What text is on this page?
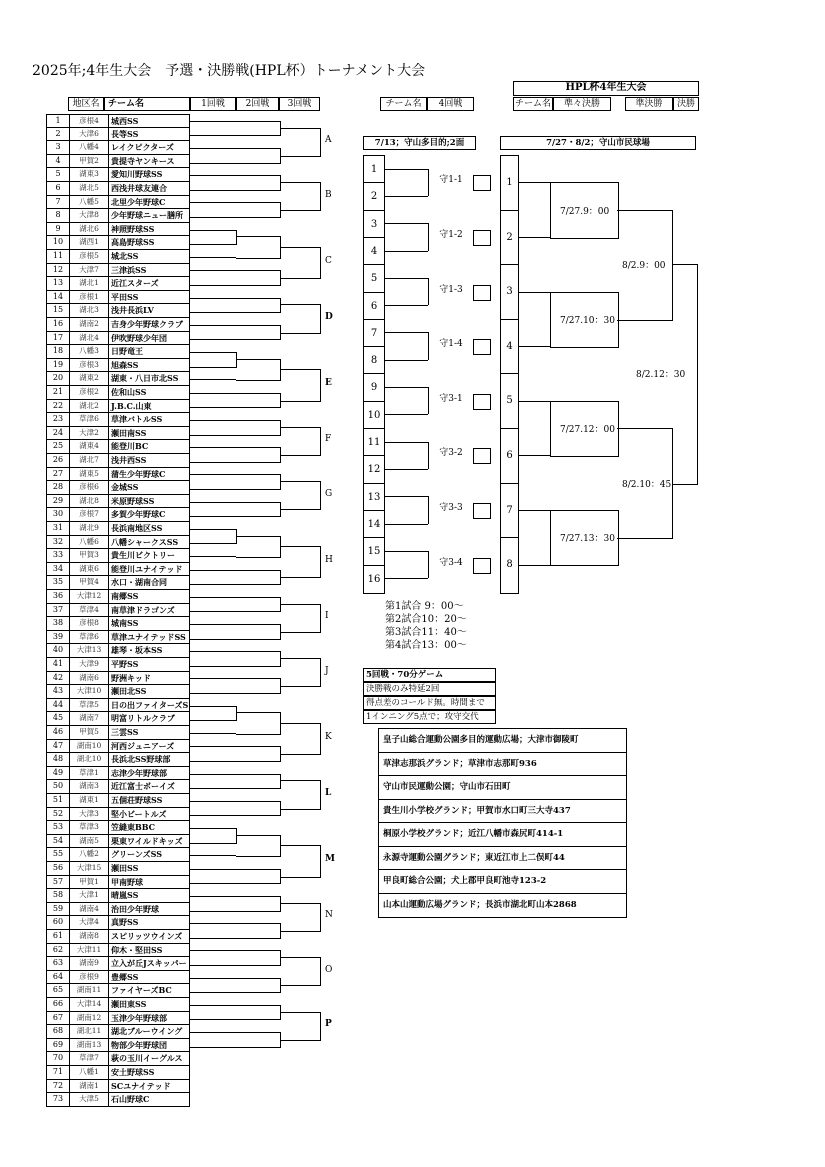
2025年;4年生大会　予選・決勝戦(HPL杯）トーナメント大会
地区名 チーム名	1回戦	2回戦	3回戦	チーム名	4回戦
HPL杯4年生大会
チーム名	準々決勝	準決勝	決勝
1	彦根4	城西SS
2	大津6	長等SS
3	八幡4	レイクピクターズ
4	甲賀2	貴提寺ヤンキース
5	湖東3	愛知川野球SS
6	湖北5	西浅井球友連合
7	八幡5	北里少年野球C
8	大津8	少年野球ニュー膳所
9	湖北6	神照野球SS
10	湖西1	高島野球SS
11	彦根5	城北SS
12	大津7	三津浜SS
13	湖北1	近江スターズ
14	彦根1	平田SS
15	湖北3	浅井長浜LV
16	湖南2	吉身少年野球クラブ
17	湖北4	伊吹野球少年団
18	八幡3	日野竜王
19	彦根3	旭森SS
20	湖東2	湖東・八日市北SS
21	彦根2	佐和山SS
22	湖北2	J.B.C.山東
23	草津6	草津バトルSS
24	大津2	瀬田南SS
25	湖東4	能登川BC
26	湖北7	浅井西SS
27	湖東5	蒲生少年野球C
28	彦根6	金城SS
29	湖北8	米原野球SS
30	彦根7	多賀少年野球C
31	湖北9	長浜南地区SS
32	八幡6	八幡シャークスSS
33	甲賀3	貴生川ビクトリー
34	湖東6	能登川ユナイテッド
35	甲賀4	水口・湖南合同
36	大津12	南郷SS
37	草津4	南草津ドラゴンズ
38	彦根8	城南SS
39	草津6	草津ユナイテッドSS
40	大津13	雄琴・坂本SS
41	大津9	平野SS
42	湖南6	野洲キッド
43	大津10	瀬田北SS
44	草津5	日の出ファイターズS
45	湖南7	明富リトルクラブ
46	甲賀5	三雲SS
47	湖南10	河西ジュニアーズ
48	湖北10	長浜北SS野球部
49	草津1	志津少年野球部
50	湖南3	近江富士ボーイズ
51	湖東1	五個荘野球SS
52	大津3	堅小ビートルズ
53	草津3	笠縫東BBC
54	湖南5	栗東ワイルドキッズ
55	八幡2	グリーンズSS
56	大津15	瀬田SS
57	甲賀1	甲南野球
58	大津1	晴嵐SS
59	湖南4	治田少年野球
60	大津4	真野SS
61	湖南8	スピリッツウインズ
62	大津11	仰木・堅田SS
63	湖南9	立入が丘Jスキッパー
64	彦根9	豊郷SS
65	湖南11	ファイヤーズBC
66	大津14	瀬田東SS
67	湖南12	玉津少年野球部
68	湖北11	湖北ブルーウイング
69	湖南13	物部少年野球団
70	草津7	萩の玉川イーグルス
71	八幡1	安土野球SS
72	湖南1	SCユナイテッド
73	大津5	石山野球C
A
B
C
D
E
F
G
H
I
J
K
L
M
N
O
P
7/27.9：00
7/27.10：30
7/27.12：00
7/27.13：30
8/2.9：00
8/2.10：45
8/2.12：30
7/13；守山多目的;2面	7/27・8/2；守山市民球場
1
2
3
4
5
6
7
8
9
10
11
12
13
14
15
16
守1-1
守1-2
守1-3
守1-4
守3-1
守3-2
守3-3
守3-4
1
2
3
4
5
6
7
8
第1試合 9：00〜
第2試合10：20〜
第3試合11：40〜
第4試合13：00〜
5回戦・70分ゲーム
決勝戦のみ特延2回
得点差のコールド無。時間まで
1インニング5点で；攻守交代
皇子山総合運動公園多目的運動広場；大津市御陵町
草津志那浜グランド；草津市志那町936
守山市民運動公園；守山市石田町
貴生川小学校グランド；甲賀市水口町三大寺437
桐原小学校グランド；近江八幡市森尻町414-1
永源寺運動公園グランド；東近江市上二俣町44
甲良町総合公園；犬上郡甲良町池寺123-2
山本山運動広場グランド；長浜市湖北町山本2868
